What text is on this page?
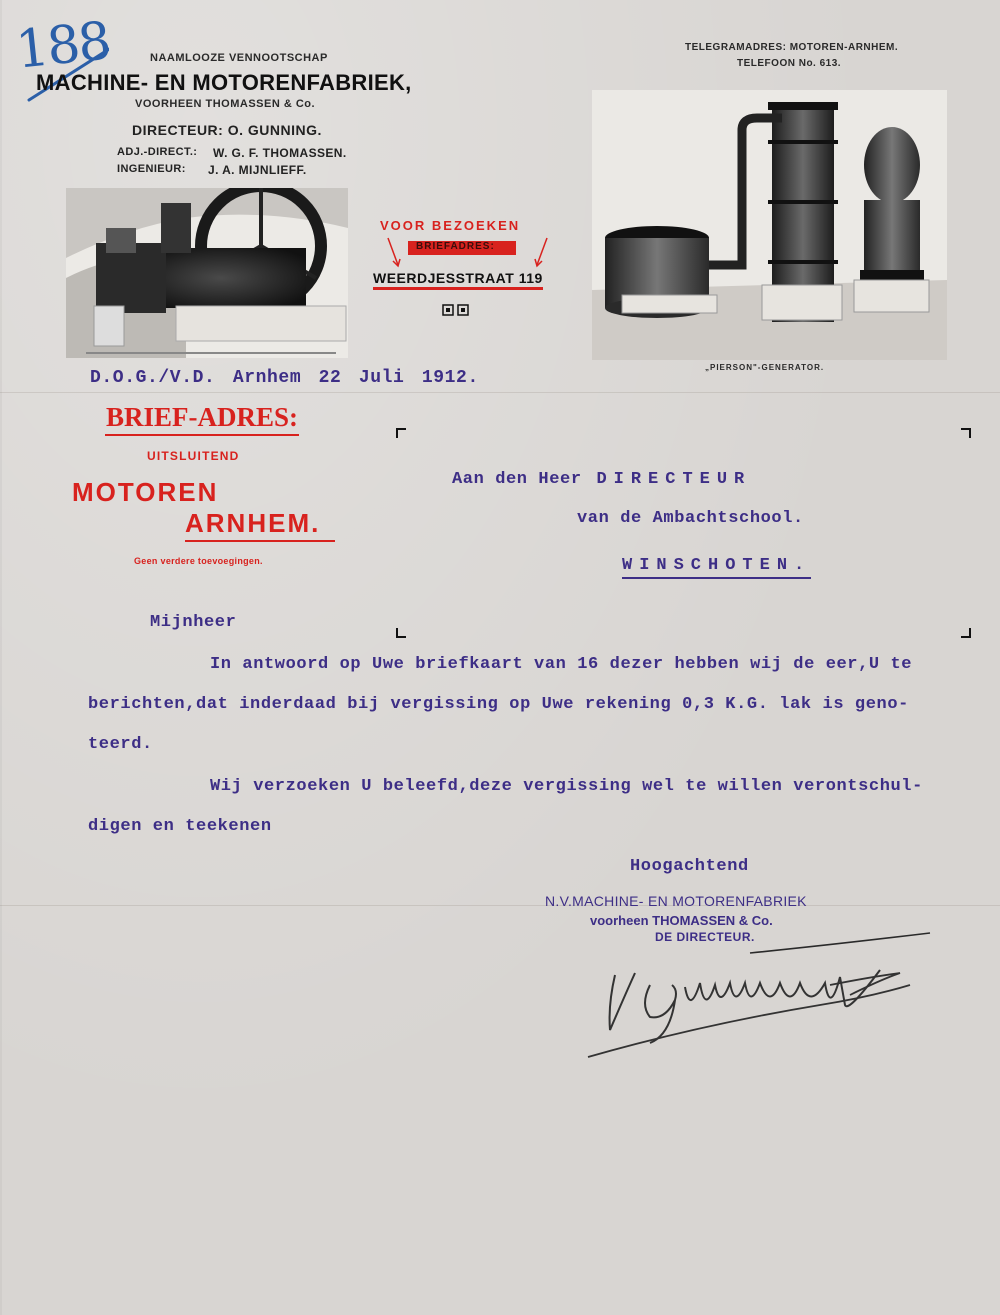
188	NAAMLOOZE VENNOOTSCHAP
MACHINE- EN MOTORENFABRIEK,
VOORHEEN THOMASSEN & Co.
DIRECTEUR: O. GUNNING.
ADJ.-DIRECT.: W. G. F. THOMASSEN.
INGENIEUR: J. A. MIJNLIEFF.
TELEGRAMADRES: MOTOREN-ARNHEM.
TELEFOON No. 613.
VOOR BEZOEKEN
BRIEFADRES:
WEERDJESSTRAAT 119
„PIERSON"-GENERATOR.
D.O.G./V.D. Arnhem 22 Juli 1912.
BRIEF-ADRES:
UITSLUITEND
MOTOREN
ARNHEM.
Geen verdere toevoegingen.
Aan den Heer DIRECTEUR
van de Ambachtschool.
WINSCHOTEN.
Mijnheer
In antwoord op Uwe briefkaart van 16 dezer hebben wij de eer,U te
berichten,dat inderdaad bij vergissing op Uwe rekening 0,3 K.G. lak is geno-
teerd.
Wij verzoeken U beleefd,deze vergissing wel te willen verontschul-
digen en teekenen
Hoogachtend
N.V.MACHINE- EN MOTORENFABRIEK
voorheen THOMASSEN & Co.
DE DIRECTEUR.
